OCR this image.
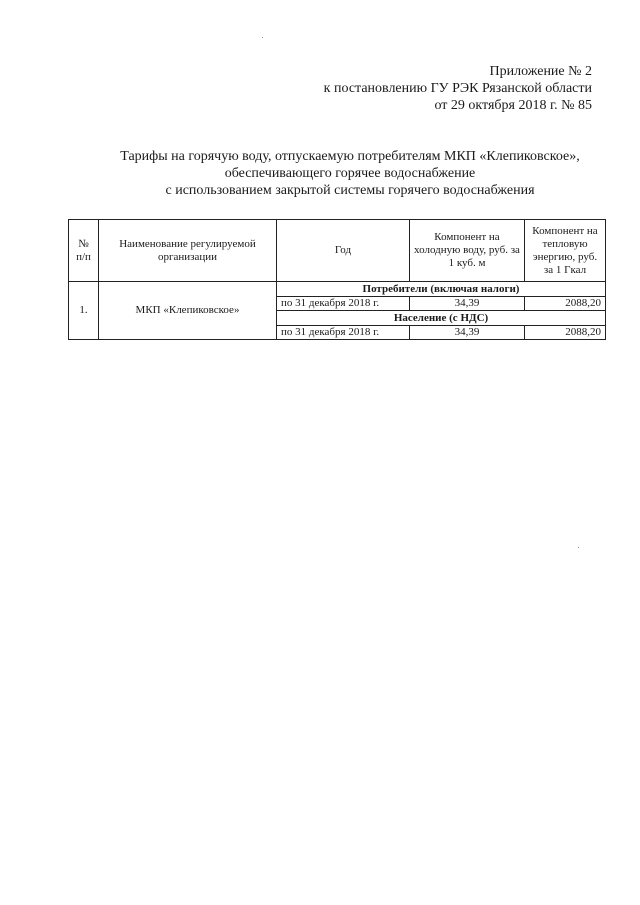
Приложение № 2
к постановлению ГУ РЭК Рязанской области
от 29 октября 2018 г. № 85
Тарифы на горячую воду, отпускаемую потребителям МКП «Клепиковское»,
обеспечивающего горячее водоснабжение
с использованием закрытой системы горячего водоснабжения
№ п/п	Наименование регулируемой организации	Год	Компонент на холодную воду, руб. за 1 куб. м	Компонент на тепловую энергию, руб. за 1 Гкал
1.	МКП «Клепиковское»	Потребители (включая налоги)		
		по 31 декабря 2018 г.	34,39	2088,20
		Население (с НДС)		
		по 31 декабря 2018 г.	34,39	2088,20
